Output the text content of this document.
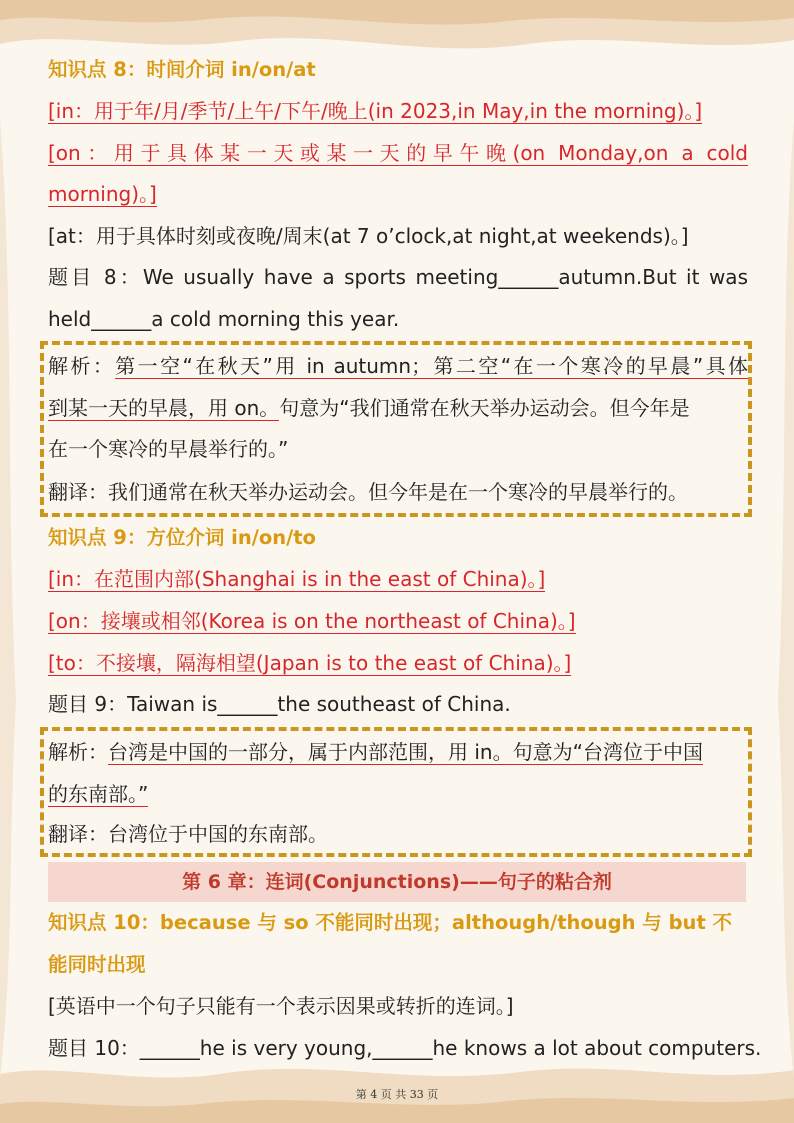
第 6 章：连词(Conjunctions)——句子的粘合剂
知识点 8：时间介词 in/on/at
[in：用于年/月/季节/上午/下午/晚上(in 2023,in May,in the morning)。]
[on：用于具体某一天或某一天的早午晚(on Monday,on a cold
morning)。]
[at：用于具体时刻或夜晚/周末(at 7 o’clock,at night,at weekends)。]
题目 8：We usually have a sports meeting______autumn.But it was
held______a cold morning this year.
解析：第一空“在秋天”用 in autumn；第二空“在一个寒冷的早晨”具体
到某一天的早晨，用 on。句意为“我们通常在秋天举办运动会。但今年是
在一个寒冷的早晨举行的。”
翻译：我们通常在秋天举办运动会。但今年是在一个寒冷的早晨举行的。
知识点 9：方位介词 in/on/to
[in：在范围内部(Shanghai is in the east of China)。]
[on：接壤或相邻(Korea is on the northeast of China)。]
[to：不接壤，隔海相望(Japan is to the east of China)。]
题目 9：Taiwan is______the southeast of China.
解析：台湾是中国的一部分，属于内部范围，用 in。句意为“台湾位于中国
的东南部。”
翻译：台湾位于中国的东南部。
知识点 10：because 与 so 不能同时出现；although/though 与 but 不
能同时出现
[英语中一个句子只能有一个表示因果或转折的连词。]
题目 10：______he is very young,______he knows a lot about computers.
第 4 页 共 33 页
